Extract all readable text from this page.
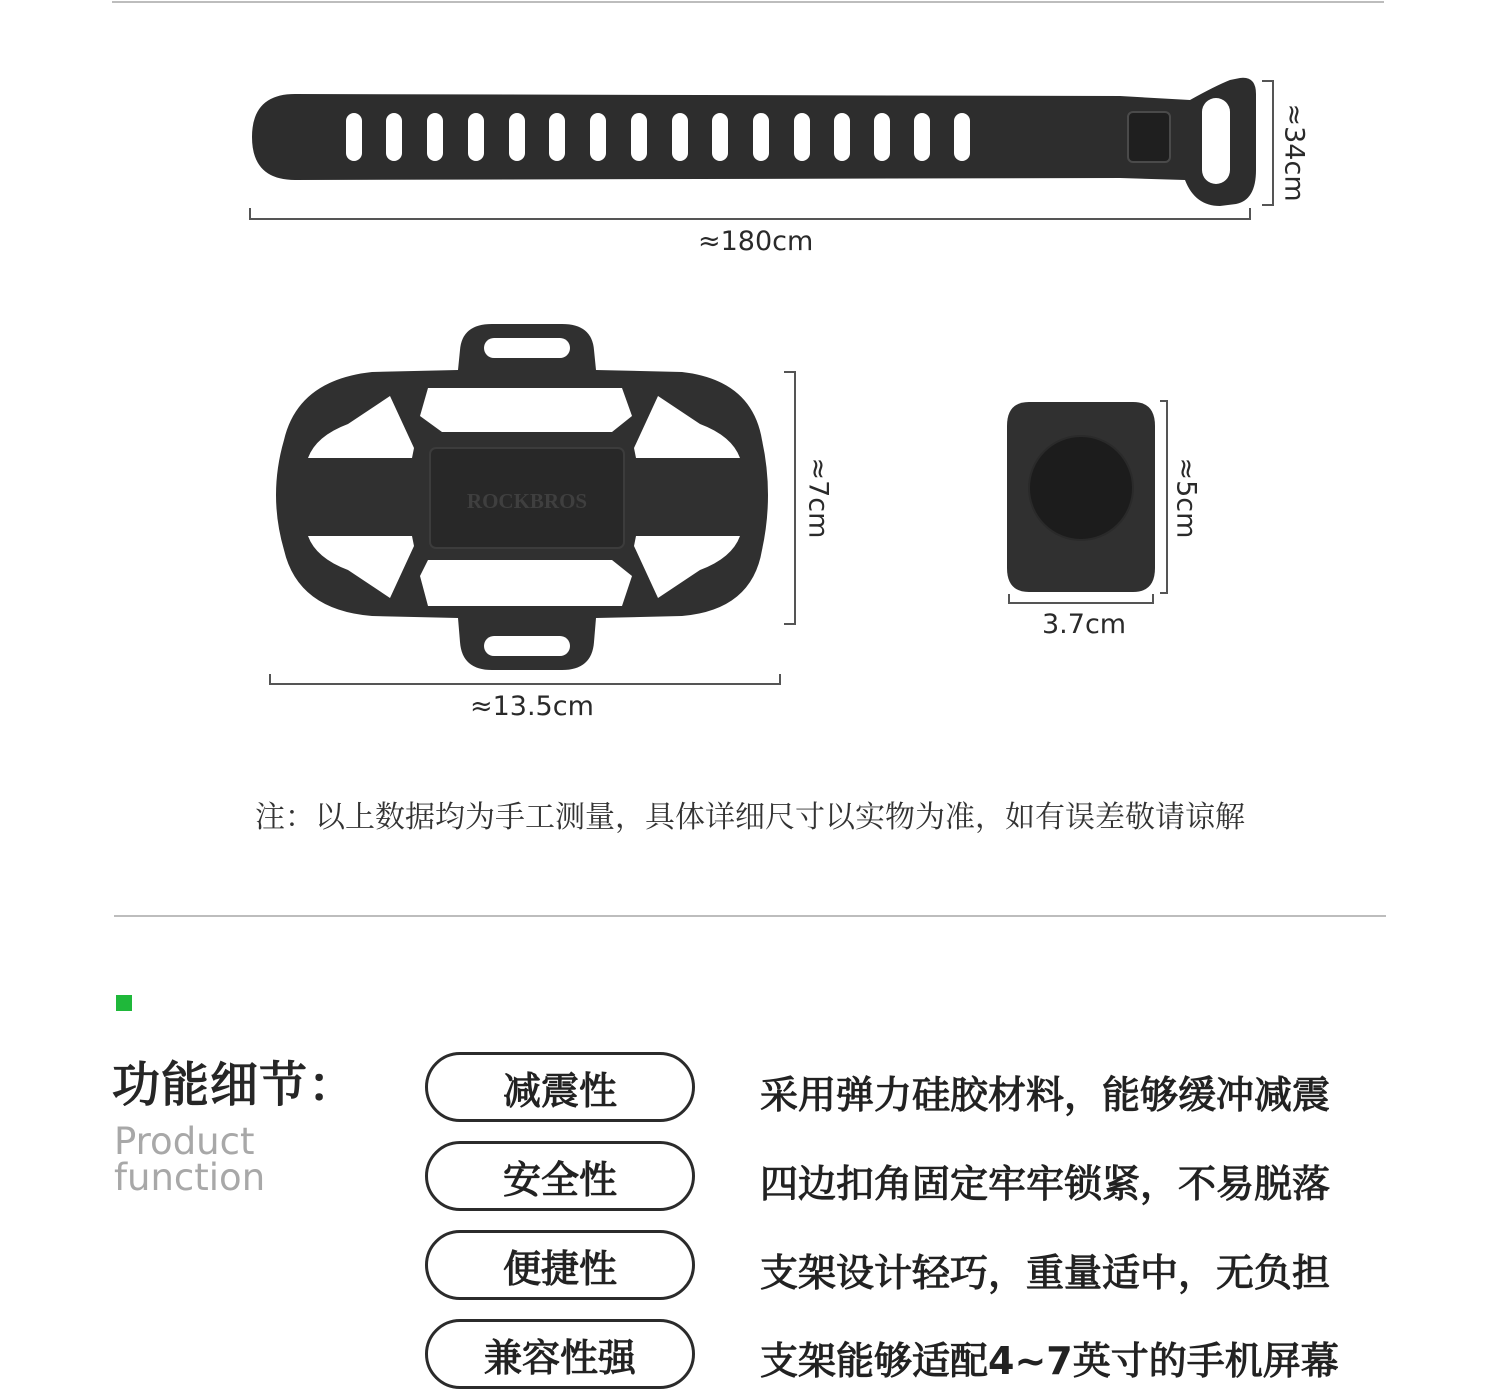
≈180cm
≈34cm
ROCKBROS
≈13.5cm
≈7cm
3.7cm
≈5cm
注：以上数据均为手工测量，具体详细尺寸以实物为准，如有误差敬请谅解
功能细节：
Product
function
减震性	采用弹力硅胶材料，能够缓冲减震
安全性	四边扣角固定牢牢锁紧，不易脱落
便捷性	支架设计轻巧，重量适中，无负担
兼容性强	支架能够适配4~7英寸的手机屏幕
